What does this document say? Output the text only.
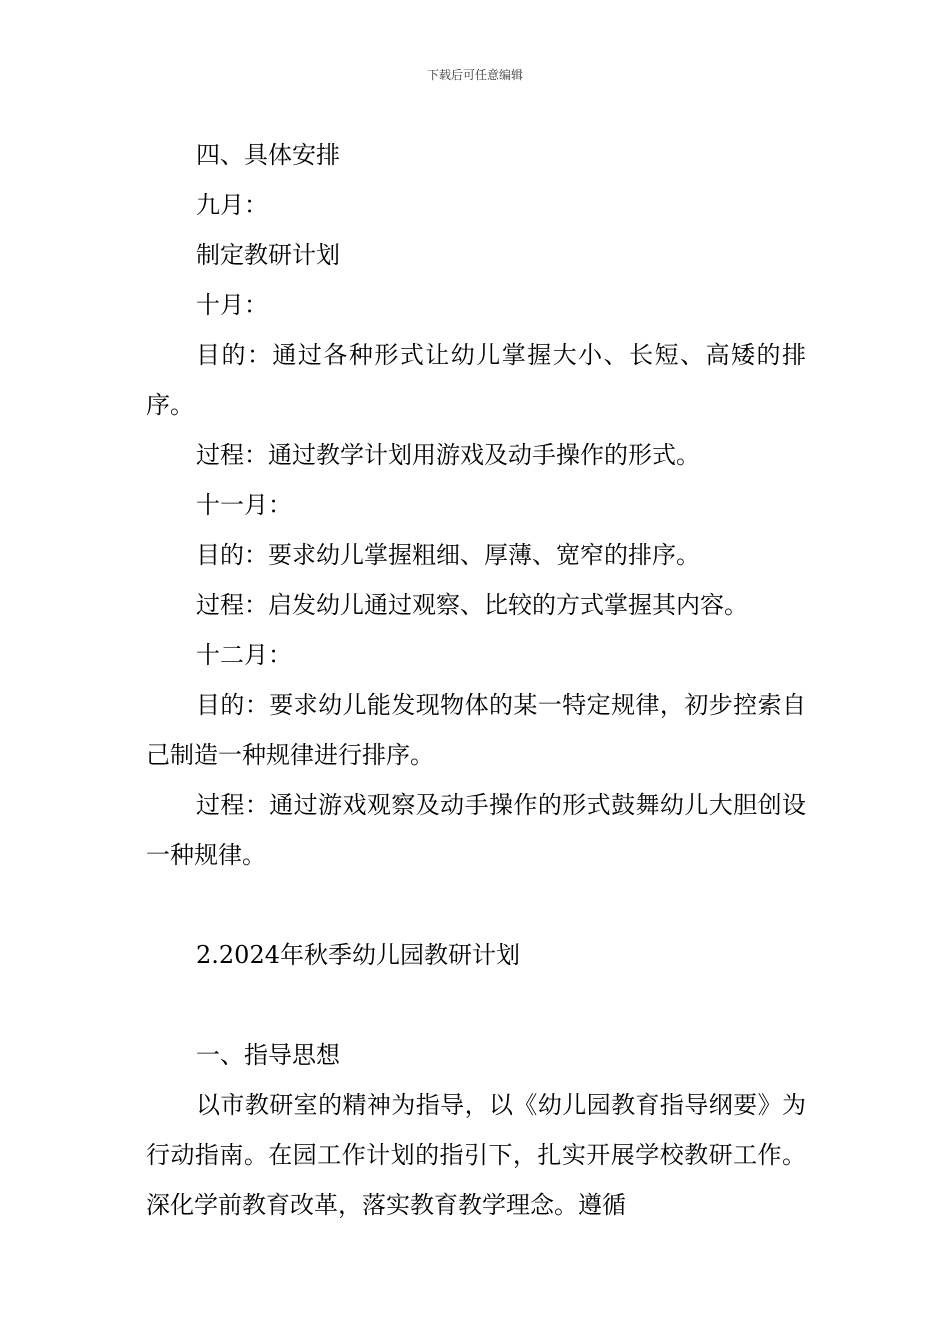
下载后可任意编辑

四、具体安排

九月：

制定教研计划

十月：

目的：通过各种形式让幼儿掌握大小、长短、高矮的排序。

过程：通过教学计划用游戏及动手操作的形式。

十一月：

目的：要求幼儿掌握粗细、厚薄、宽窄的排序。

过程：启发幼儿通过观察、比较的方式掌握其内容。

十二月：

目的：要求幼儿能发现物体的某一特定规律，初步控索自己制造一种规律进行排序。

过程：通过游戏观察及动手操作的形式鼓舞幼儿大胆创设一种规律。

2.2024年秋季幼儿园教研计划

一、指导思想

以市教研室的精神为指导，以《幼儿园教育指导纲要》为行动指南。在园工作计划的指引下，扎实开展学校教研工作。深化学前教育改革，落实教育教学理念。遵循
